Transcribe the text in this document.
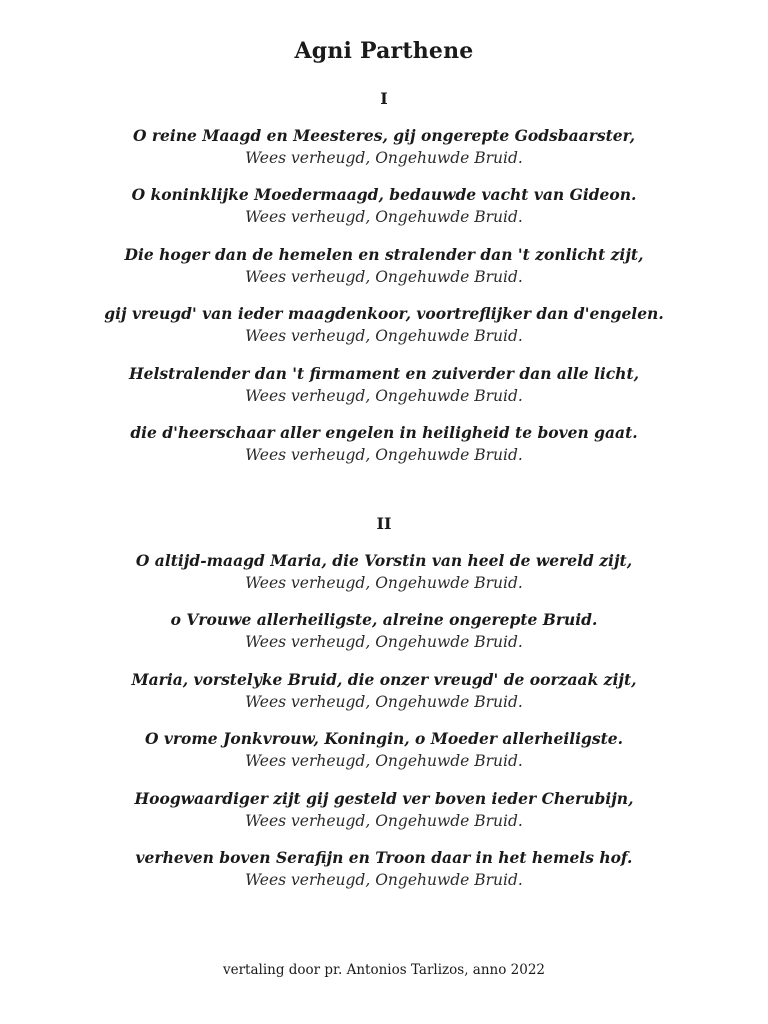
Agni Parthene
I
O reine Maagd en Meesteres, gij ongerepte Godsbaarster,
Wees verheugd, Ongehuwde Bruid.
O koninklijke Moedermaagd, bedauwde vacht van Gideon.
Wees verheugd, Ongehuwde Bruid.
Die hoger dan de hemelen en stralender dan 't zonlicht zijt,
Wees verheugd, Ongehuwde Bruid.
gij vreugd' van ieder maagdenkoor, voortreflijker dan d'engelen.
Wees verheugd, Ongehuwde Bruid.
Helstralender dan 't firmament en zuiverder dan alle licht,
Wees verheugd, Ongehuwde Bruid.
die d'heerschaar aller engelen in heiligheid te boven gaat.
Wees verheugd, Ongehuwde Bruid.
II
O altijd-maagd Maria, die Vorstin van heel de wereld zijt,
Wees verheugd, Ongehuwde Bruid.
o Vrouwe allerheiligste, alreine ongerepte Bruid.
Wees verheugd, Ongehuwde Bruid.
Maria, vorstelyke Bruid, die onzer vreugd' de oorzaak zijt,
Wees verheugd, Ongehuwde Bruid.
O vrome Jonkvrouw, Koningin, o Moeder allerheiligste.
Wees verheugd, Ongehuwde Bruid.
Hoogwaardiger zijt gij gesteld ver boven ieder Cherubijn,
Wees verheugd, Ongehuwde Bruid.
verheven boven Serafijn en Troon daar in het hemels hof.
Wees verheugd, Ongehuwde Bruid.
vertaling door pr. Antonios Tarlizos, anno 2022
